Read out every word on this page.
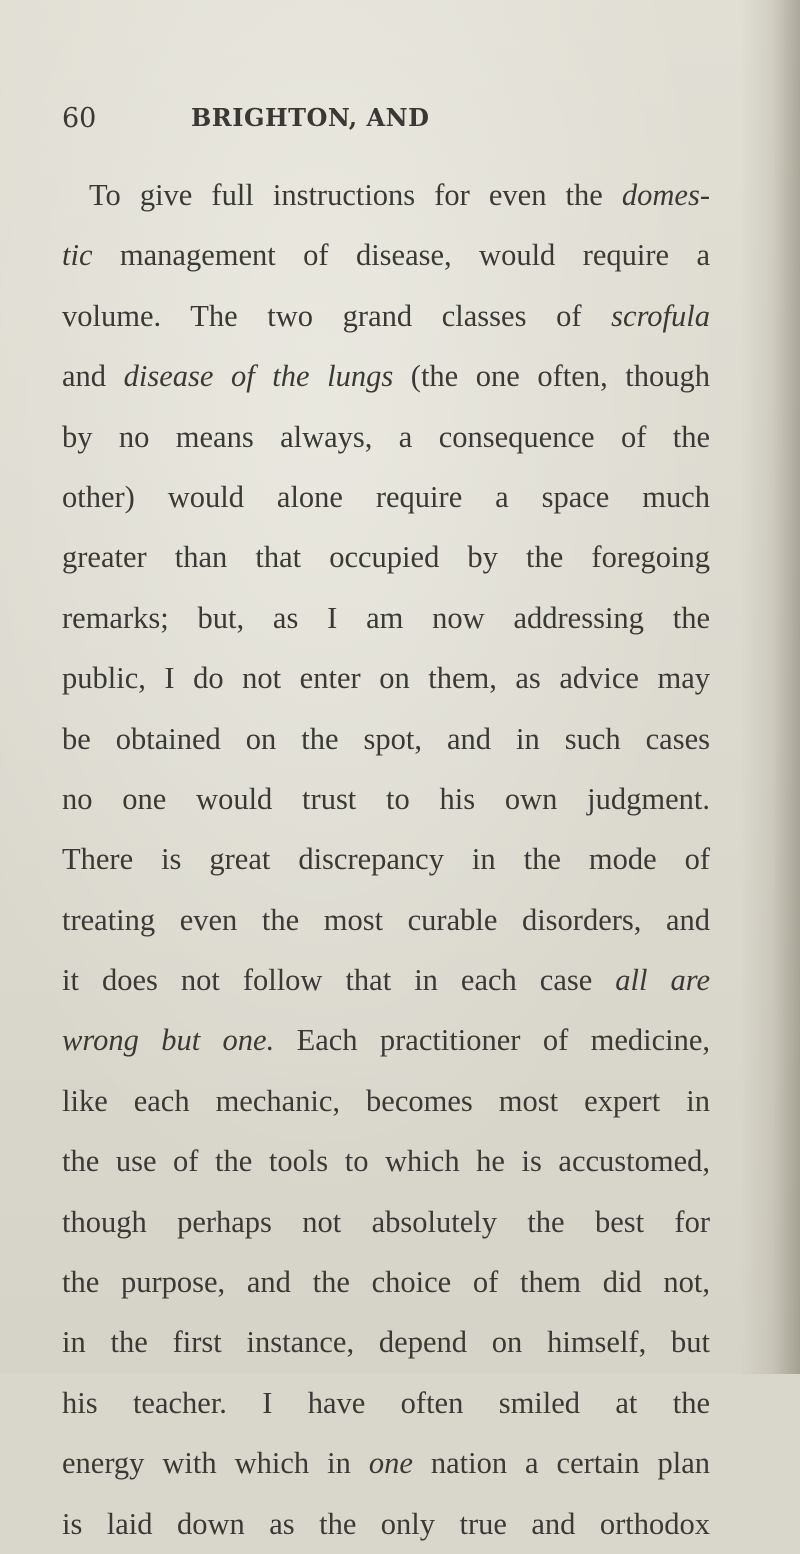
60	BRIGHTON, AND
To give full instructions for even the domes-
tic management of disease, would require a
volume. The two grand classes of scrofula
and disease of the lungs (the one often, though
by no means always, a consequence of the
other) would alone require a space much
greater than that occupied by the foregoing
remarks; but, as I am now addressing the
public, I do not enter on them, as advice may
be obtained on the spot, and in such cases
no one would trust to his own judgment.
There is great discrepancy in the mode of
treating even the most curable disorders, and
it does not follow that in each case all are
wrong but one. Each practitioner of medicine,
like each mechanic, becomes most expert in
the use of the tools to which he is accustomed,
though perhaps not absolutely the best for
the purpose, and the choice of them did not,
in the first instance, depend on himself, but
his teacher. I have often smiled at the
energy with which in one nation a certain plan
is laid down as the only true and orthodox
